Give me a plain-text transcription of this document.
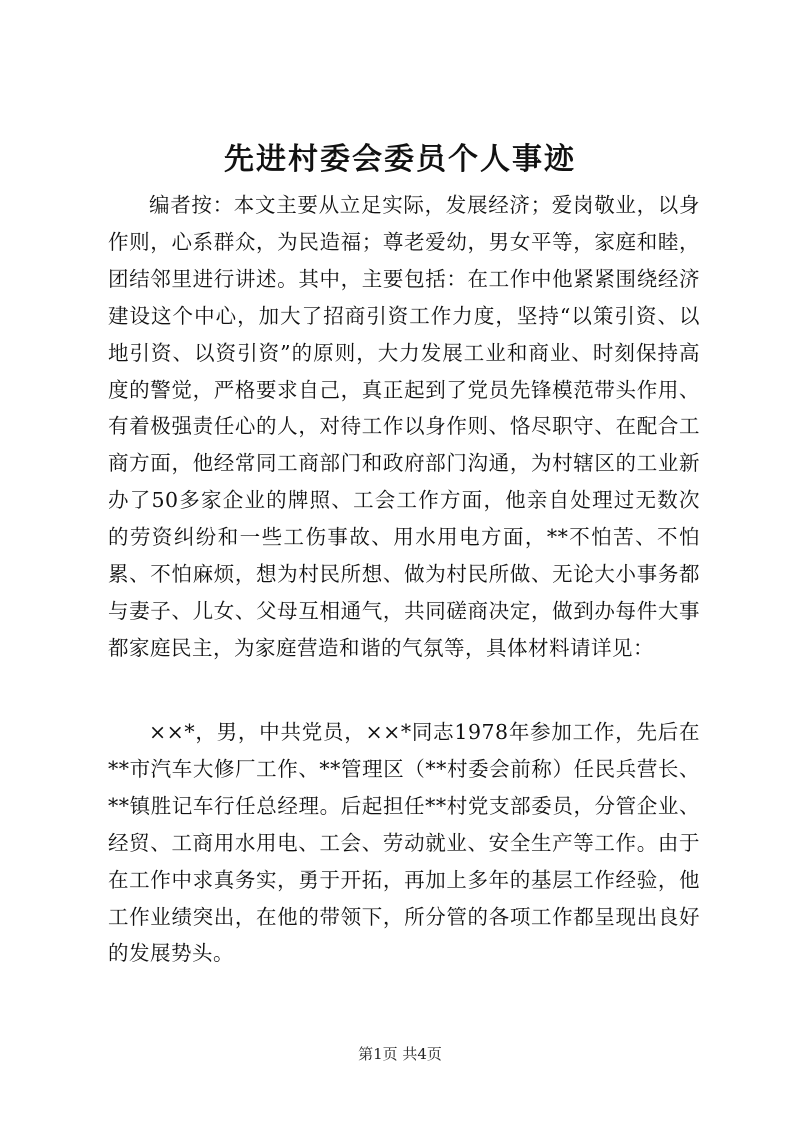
先进村委会委员个人事迹

编者按：本文主要从立足实际，发展经济；爱岗敬业，以身作则，心系群众，为民造福；尊老爱幼，男女平等，家庭和睦，团结邻里进行讲述。其中，主要包括：在工作中他紧紧围绕经济建设这个中心，加大了招商引资工作力度，坚持“以策引资、以地引资、以资引资”的原则，大力发展工业和商业、时刻保持高度的警觉，严格要求自己，真正起到了党员先锋模范带头作用、有着极强责任心的人，对待工作以身作则、恪尽职守、在配合工商方面，他经常同工商部门和政府部门沟通，为村辖区的工业新办了50多家企业的牌照、工会工作方面，他亲自处理过无数次的劳资纠纷和一些工伤事故、用水用电方面，**不怕苦、不怕累、不怕麻烦，想为村民所想、做为村民所做、无论大小事务都与妻子、儿女、父母互相通气，共同磋商决定，做到办每件大事都家庭民主，为家庭营造和谐的气氛等，具体材料请详见：

××*，男，中共党员，××*同志1978年参加工作，先后在**市汽车大修厂工作、**管理区（**村委会前称）任民兵营长、**镇胜记车行任总经理。后起担任**村党支部委员，分管企业、经贸、工商用水用电、工会、劳动就业、安全生产等工作。由于在工作中求真务实，勇于开拓，再加上多年的基层工作经验，他工作业绩突出，在他的带领下，所分管的各项工作都呈现出良好的发展势头。

第1页 共4页
